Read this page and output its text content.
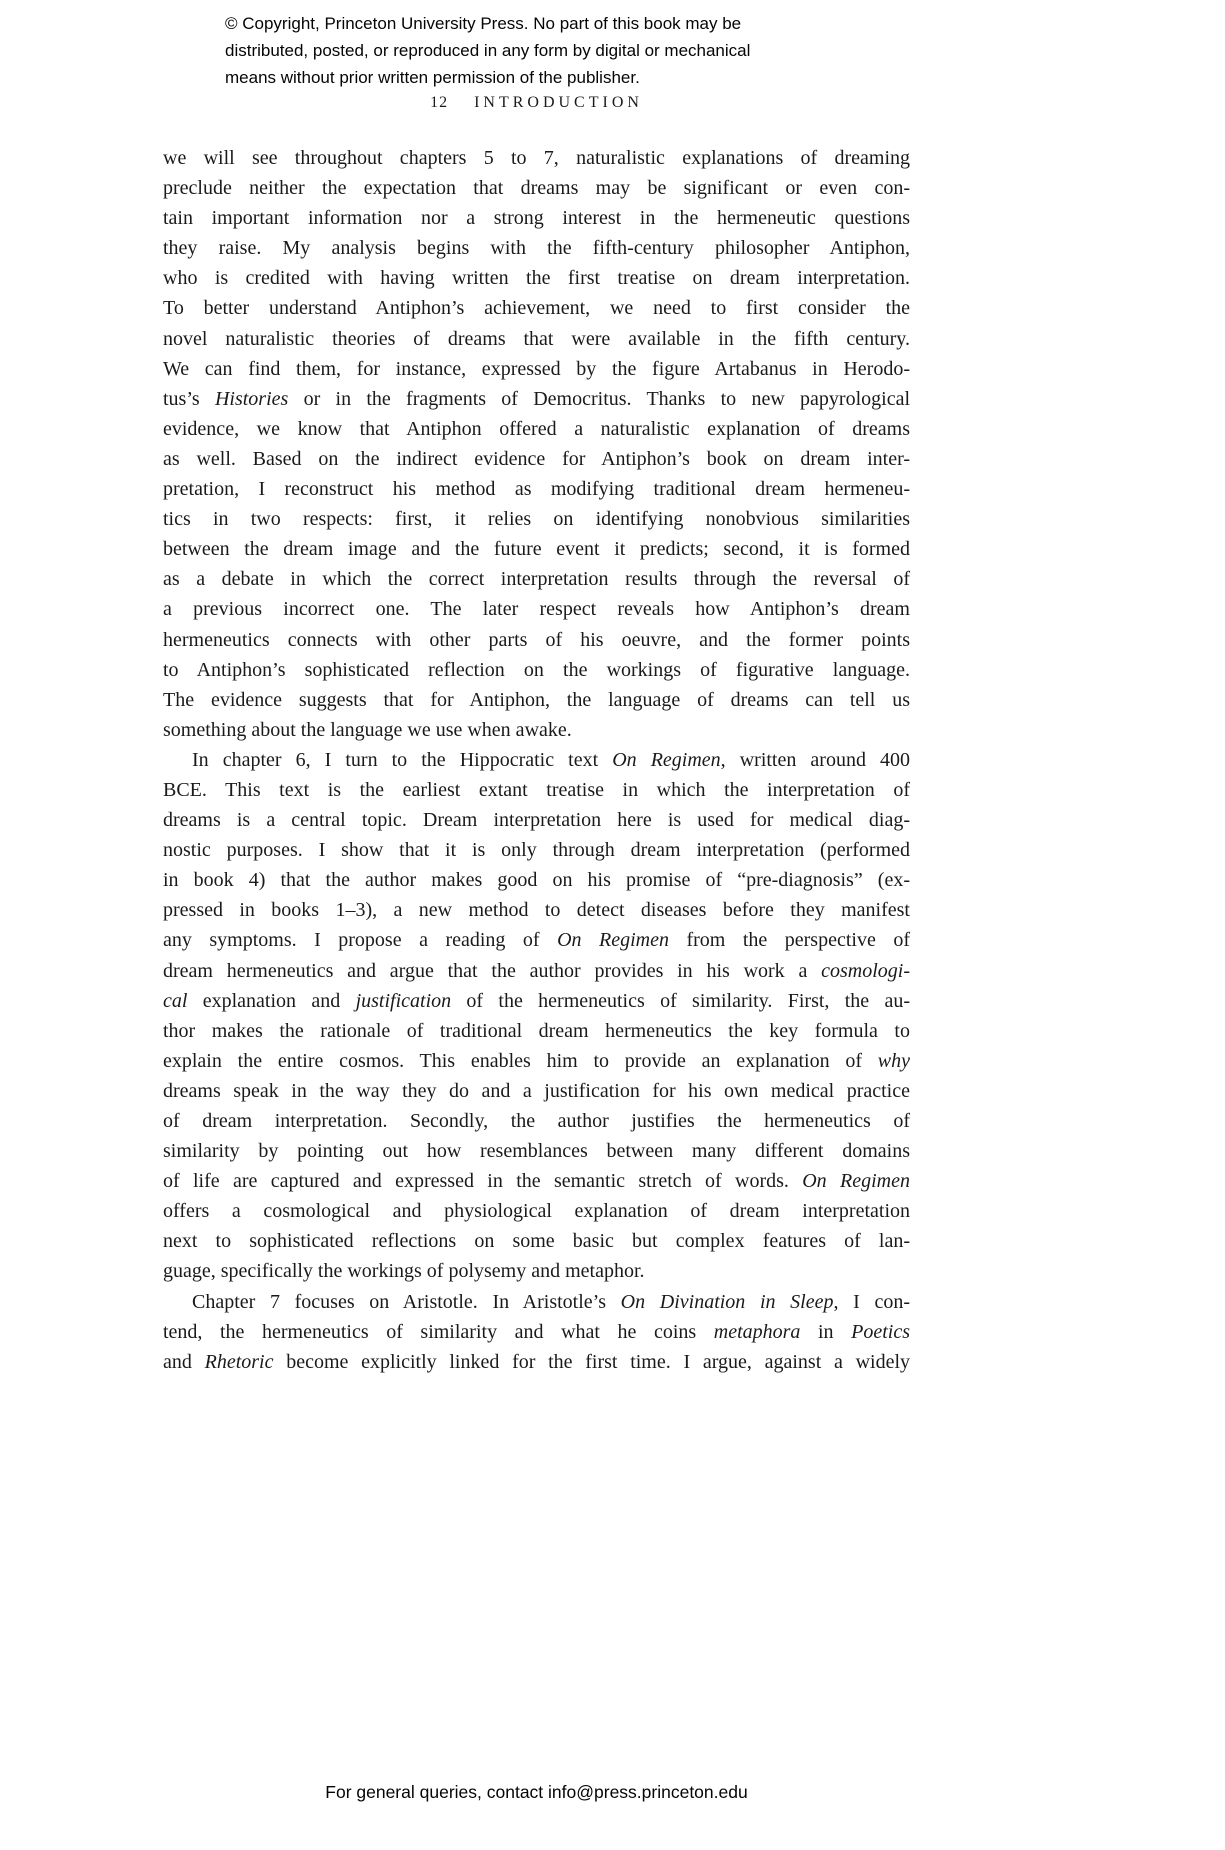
© Copyright, Princeton University Press. No part of this book may be
distributed, posted, or reproduced in any form by digital or mechanical
means without prior written permission of the publisher.
12 INTRODUCTION
we will see throughout chapters 5 to 7, naturalistic explanations of dreaming
preclude neither the expectation that dreams may be significant or even con-
tain important information nor a strong interest in the hermeneutic questions
they raise. My analysis begins with the fifth-century philosopher Antiphon,
who is credited with having written the first treatise on dream interpretation.
To better understand Antiphon’s achievement, we need to first consider the
novel naturalistic theories of dreams that were available in the fifth century.
We can find them, for instance, expressed by the figure Artabanus in Herodo-
tus’s Histories or in the fragments of Democritus. Thanks to new papyrological
evidence, we know that Antiphon offered a naturalistic explanation of dreams
as well. Based on the indirect evidence for Antiphon’s book on dream inter-
pretation, I reconstruct his method as modifying traditional dream hermeneu-
tics in two respects: first, it relies on identifying nonobvious similarities
between the dream image and the future event it predicts; second, it is formed
as a debate in which the correct interpretation results through the reversal of
a previous incorrect one. The later respect reveals how Antiphon’s dream
hermeneutics connects with other parts of his oeuvre, and the former points
to Antiphon’s sophisticated reflection on the workings of figurative language.
The evidence suggests that for Antiphon, the language of dreams can tell us
something about the language we use when awake.
In chapter 6, I turn to the Hippocratic text On Regimen, written around 400
BCE. This text is the earliest extant treatise in which the interpretation of
dreams is a central topic. Dream interpretation here is used for medical diag-
nostic purposes. I show that it is only through dream interpretation (performed
in book 4) that the author makes good on his promise of “pre-diagnosis” (ex-
pressed in books 1–3), a new method to detect diseases before they manifest
any symptoms. I propose a reading of On Regimen from the perspective of
dream hermeneutics and argue that the author provides in his work a cosmologi-
cal explanation and justification of the hermeneutics of similarity. First, the au-
thor makes the rationale of traditional dream hermeneutics the key formula to
explain the entire cosmos. This enables him to provide an explanation of why
dreams speak in the way they do and a justification for his own medical practice
of dream interpretation. Secondly, the author justifies the hermeneutics of
similarity by pointing out how resemblances between many different domains
of life are captured and expressed in the semantic stretch of words. On Regimen
offers a cosmological and physiological explanation of dream interpretation
next to sophisticated reflections on some basic but complex features of lan-
guage, specifically the workings of polysemy and metaphor.
Chapter 7 focuses on Aristotle. In Aristotle’s On Divination in Sleep, I con-
tend, the hermeneutics of similarity and what he coins metaphora in Poetics
and Rhetoric become explicitly linked for the first time. I argue, against a widely
For general queries, contact info@press.princeton.edu
